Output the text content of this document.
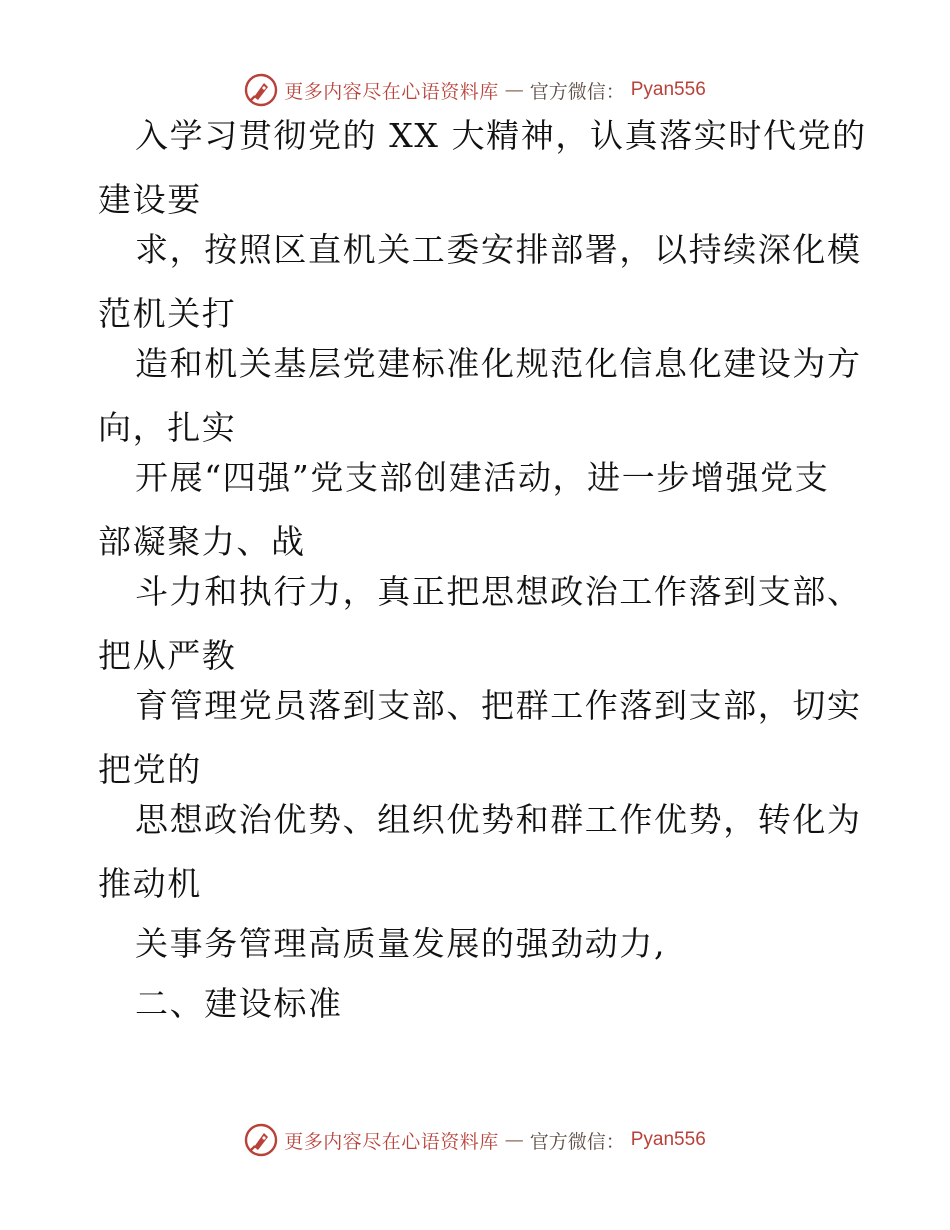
更多内容尽在心语资料库 — 官方微信： Pyan556
入学习贯彻党的 XX 大精神，认真落实时代党的
建设要
求，按照区直机关工委安排部署，以持续深化模
范机关打
造和机关基层党建标准化规范化信息化建设为方
向，扎实
开展“四强”党支部创建活动，进一步增强党支
部凝聚力、战
斗力和执行力，真正把思想政治工作落到支部、
把从严教
育管理党员落到支部、把群工作落到支部，切实
把党的
思想政治优势、组织优势和群工作优势，转化为
推动机
关事务管理高质量发展的强劲动力,
二、建设标准
更多内容尽在心语资料库 — 官方微信： Pyan556
